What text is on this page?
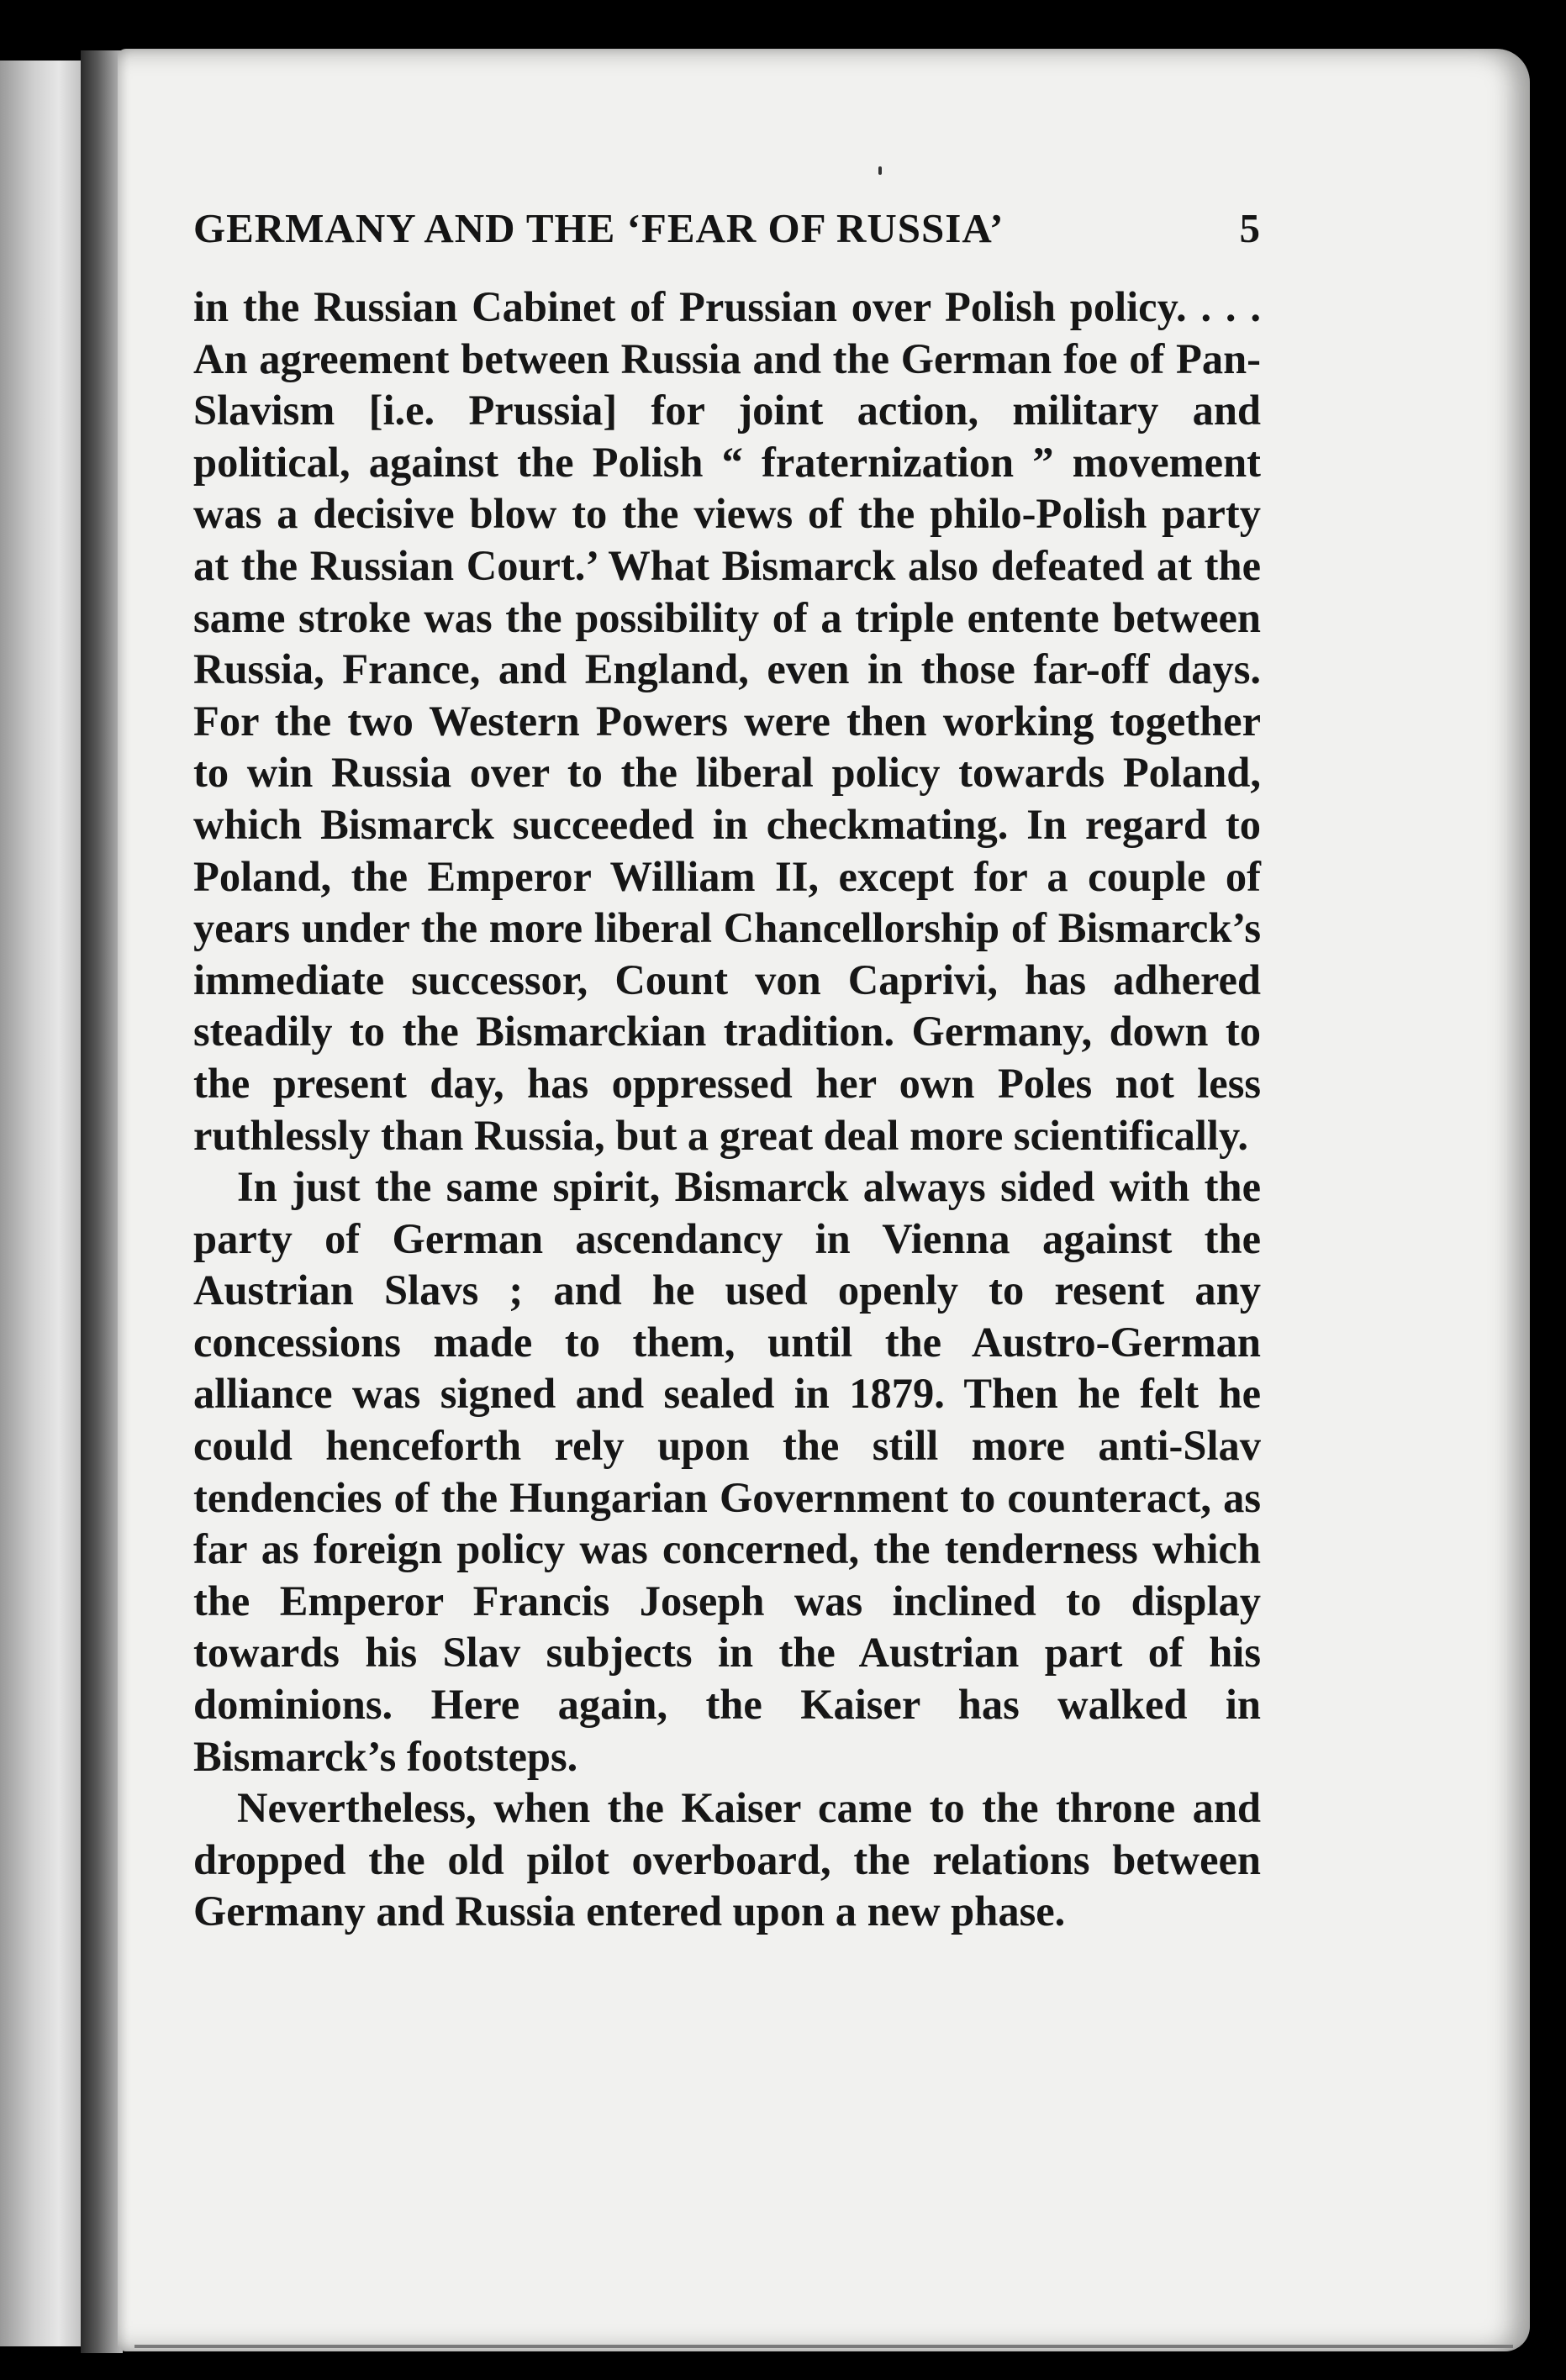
GERMANY AND THE ‘FEAR OF RUSSIA’	5

in the Russian Cabinet of Prussian over Polish policy. . . . An agreement between Russia and the German foe of Pan-Slavism [i.e. Prussia] for joint action, military and political, against the Polish “ fraternization ” movement was a decisive blow to the views of the philo-Polish party at the Russian Court.’ What Bismarck also defeated at the same stroke was the possibility of a triple entente between Russia, France, and England, even in those far-off days. For the two Western Powers were then working together to win Russia over to the liberal policy towards Poland, which Bismarck succeeded in checkmating. In regard to Poland, the Emperor William II, except for a couple of years under the more liberal Chancellorship of Bismarck’s immediate successor, Count von Caprivi, has adhered steadily to the Bismarckian tradition. Germany, down to the present day, has oppressed her own Poles not less ruthlessly than Russia, but a great deal more scientifically.

In just the same spirit, Bismarck always sided with the party of German ascendancy in Vienna against the Austrian Slavs ; and he used openly to resent any concessions made to them, until the Austro-German alliance was signed and sealed in 1879. Then he felt he could henceforth rely upon the still more anti-Slav tendencies of the Hungarian Government to counteract, as far as foreign policy was concerned, the tenderness which the Emperor Francis Joseph was inclined to display towards his Slav subjects in the Austrian part of his dominions. Here again, the Kaiser has walked in Bismarck’s footsteps.

Nevertheless, when the Kaiser came to the throne and dropped the old pilot overboard, the relations between Germany and Russia entered upon a new phase.
